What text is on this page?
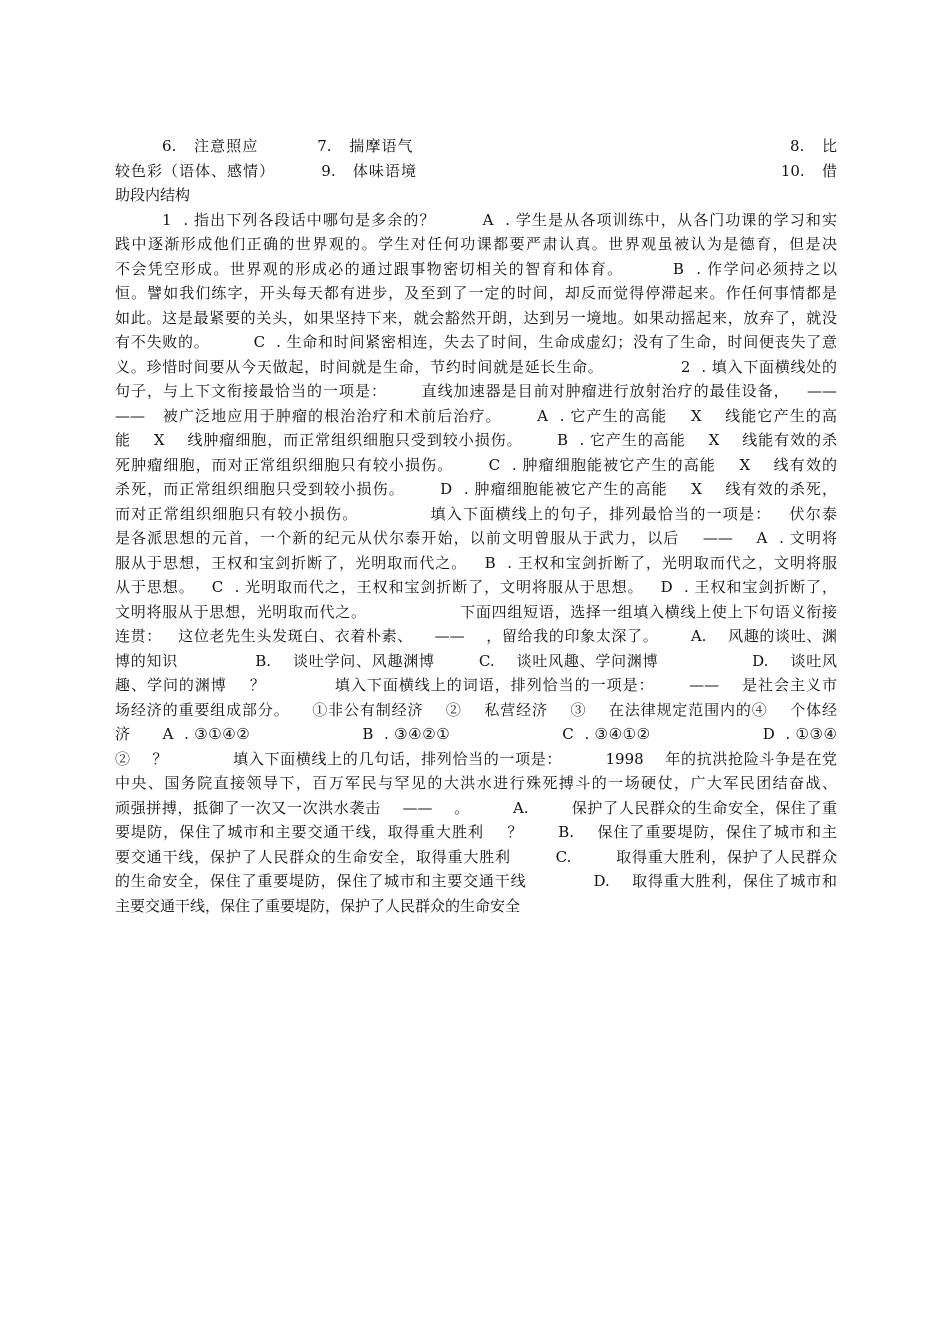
6.   注意照应          7.   揣摩语气                                                                8.   比
较色彩（语体、感情）        9.   体味语境                                                               10.   借
助段内结构
1  . 指出下列各段话中哪句是多余的？        A  . 学生是从各项训练中，从各门功课的学习和实
践中逐渐形成他们正确的世界观的。学生对任何功课都要严肃认真。世界观虽被认为是德育，但是决
不会凭空形成。世界观的形成必的通过跟事物密切相关的智育和体育。        B  . 作学问必须持之以
恒。譬如我们练字，开头每天都有进步，及至到了一定的时间，却反而觉得停滞起来。作任何事情都是
如此。这是最紧要的关头，如果坚持下来，就会豁然开朗，达到另一境地。如果动摇起来，放弃了，就没
有不失败的。        C  . 生命和时间紧密相连，失去了时间，生命成虚幻；没有了生命，时间便丧失了意
义。珍惜时间要从今天做起，时间就是生命，节约时间就是延长生命。              2  . 填入下面横线处的
句子，与上下文衔接最恰当的一项是：      直线加速器是目前对肿瘤进行放射治疗的最佳设备，   ——
——   被广泛地应用于肿瘤的根治治疗和术前后治疗。      A  . 它产生的高能    X    线能它产生的高
能    X    线肿瘤细胞，而正常组织细胞只受到较小损伤。      B  . 它产生的高能    X    线能有效的杀
死肿瘤细胞，而对正常组织细胞只有较小损伤。      C  . 肿瘤细胞能被它产生的高能    X    线有效的
杀死，而正常组织细胞只受到较小损伤。      D  . 肿瘤细胞能被它产生的高能    X    线有效的杀死，
而对正常组织细胞只有较小损伤。            填入下面横线上的句子，排列最恰当的一项是：   伏尔泰
是各派思想的元首，一个新的纪元从伏尔泰开始，以前文明曾服从于武力，以后    ——    A  . 文明将
服从于思想，王权和宝剑折断了，光明取而代之。   B  . 王权和宝剑折断了，光明取而代之，文明将服
从于思想。   C  . 光明取而代之，王权和宝剑折断了，文明将服从于思想。   D  . 王权和宝剑折断了，
文明将服从于思想，光明取而代之。                 下面四组短语，选择一组填入横线上使上下句语义衔接
连贯：   这位老先生头发斑白、衣着朴素、    ——    ，留给我的印象太深了。      A.    风趣的谈吐、渊
博的知识              B.    谈吐学问、风趣渊博        C.    谈吐风趣、学问渊博                 D.    谈吐风
趣、学问的渊博    ？            填入下面横线上的词语，排列恰当的一项是：      ——    是社会主义市
场经济的重要组成部分。    ①非公有制经济    ②    私营经济    ③    在法律规定范围内的④    个体经
济      A  . ③①④②                     B  . ③④②①                     C  . ③④①②                     D  . ①③④
②    ？            填入下面横线上的几句话，排列恰当的一项是：        1998    年的抗洪抢险斗争是在党
中央、国务院直接领导下，百万军民与罕见的大洪水进行殊死搏斗的一场硬仗，广大军民团结奋战、
顽强拼搏，抵御了一次又一次洪水袭击    ——    。        A.        保护了人民群众的生命安全，保住了重
要堤防，保住了城市和主要交通干线，取得重大胜利    ？      B.    保住了重要堤防，保住了城市和主
要交通干线，保护了人民群众的生命安全，取得重大胜利        C.        取得重大胜利，保护了人民群众
的生命安全，保住了重要堤防，保住了城市和主要交通干线            D.    取得重大胜利，保住了城市和
主要交通干线，保住了重要堤防，保护了人民群众的生命安全
